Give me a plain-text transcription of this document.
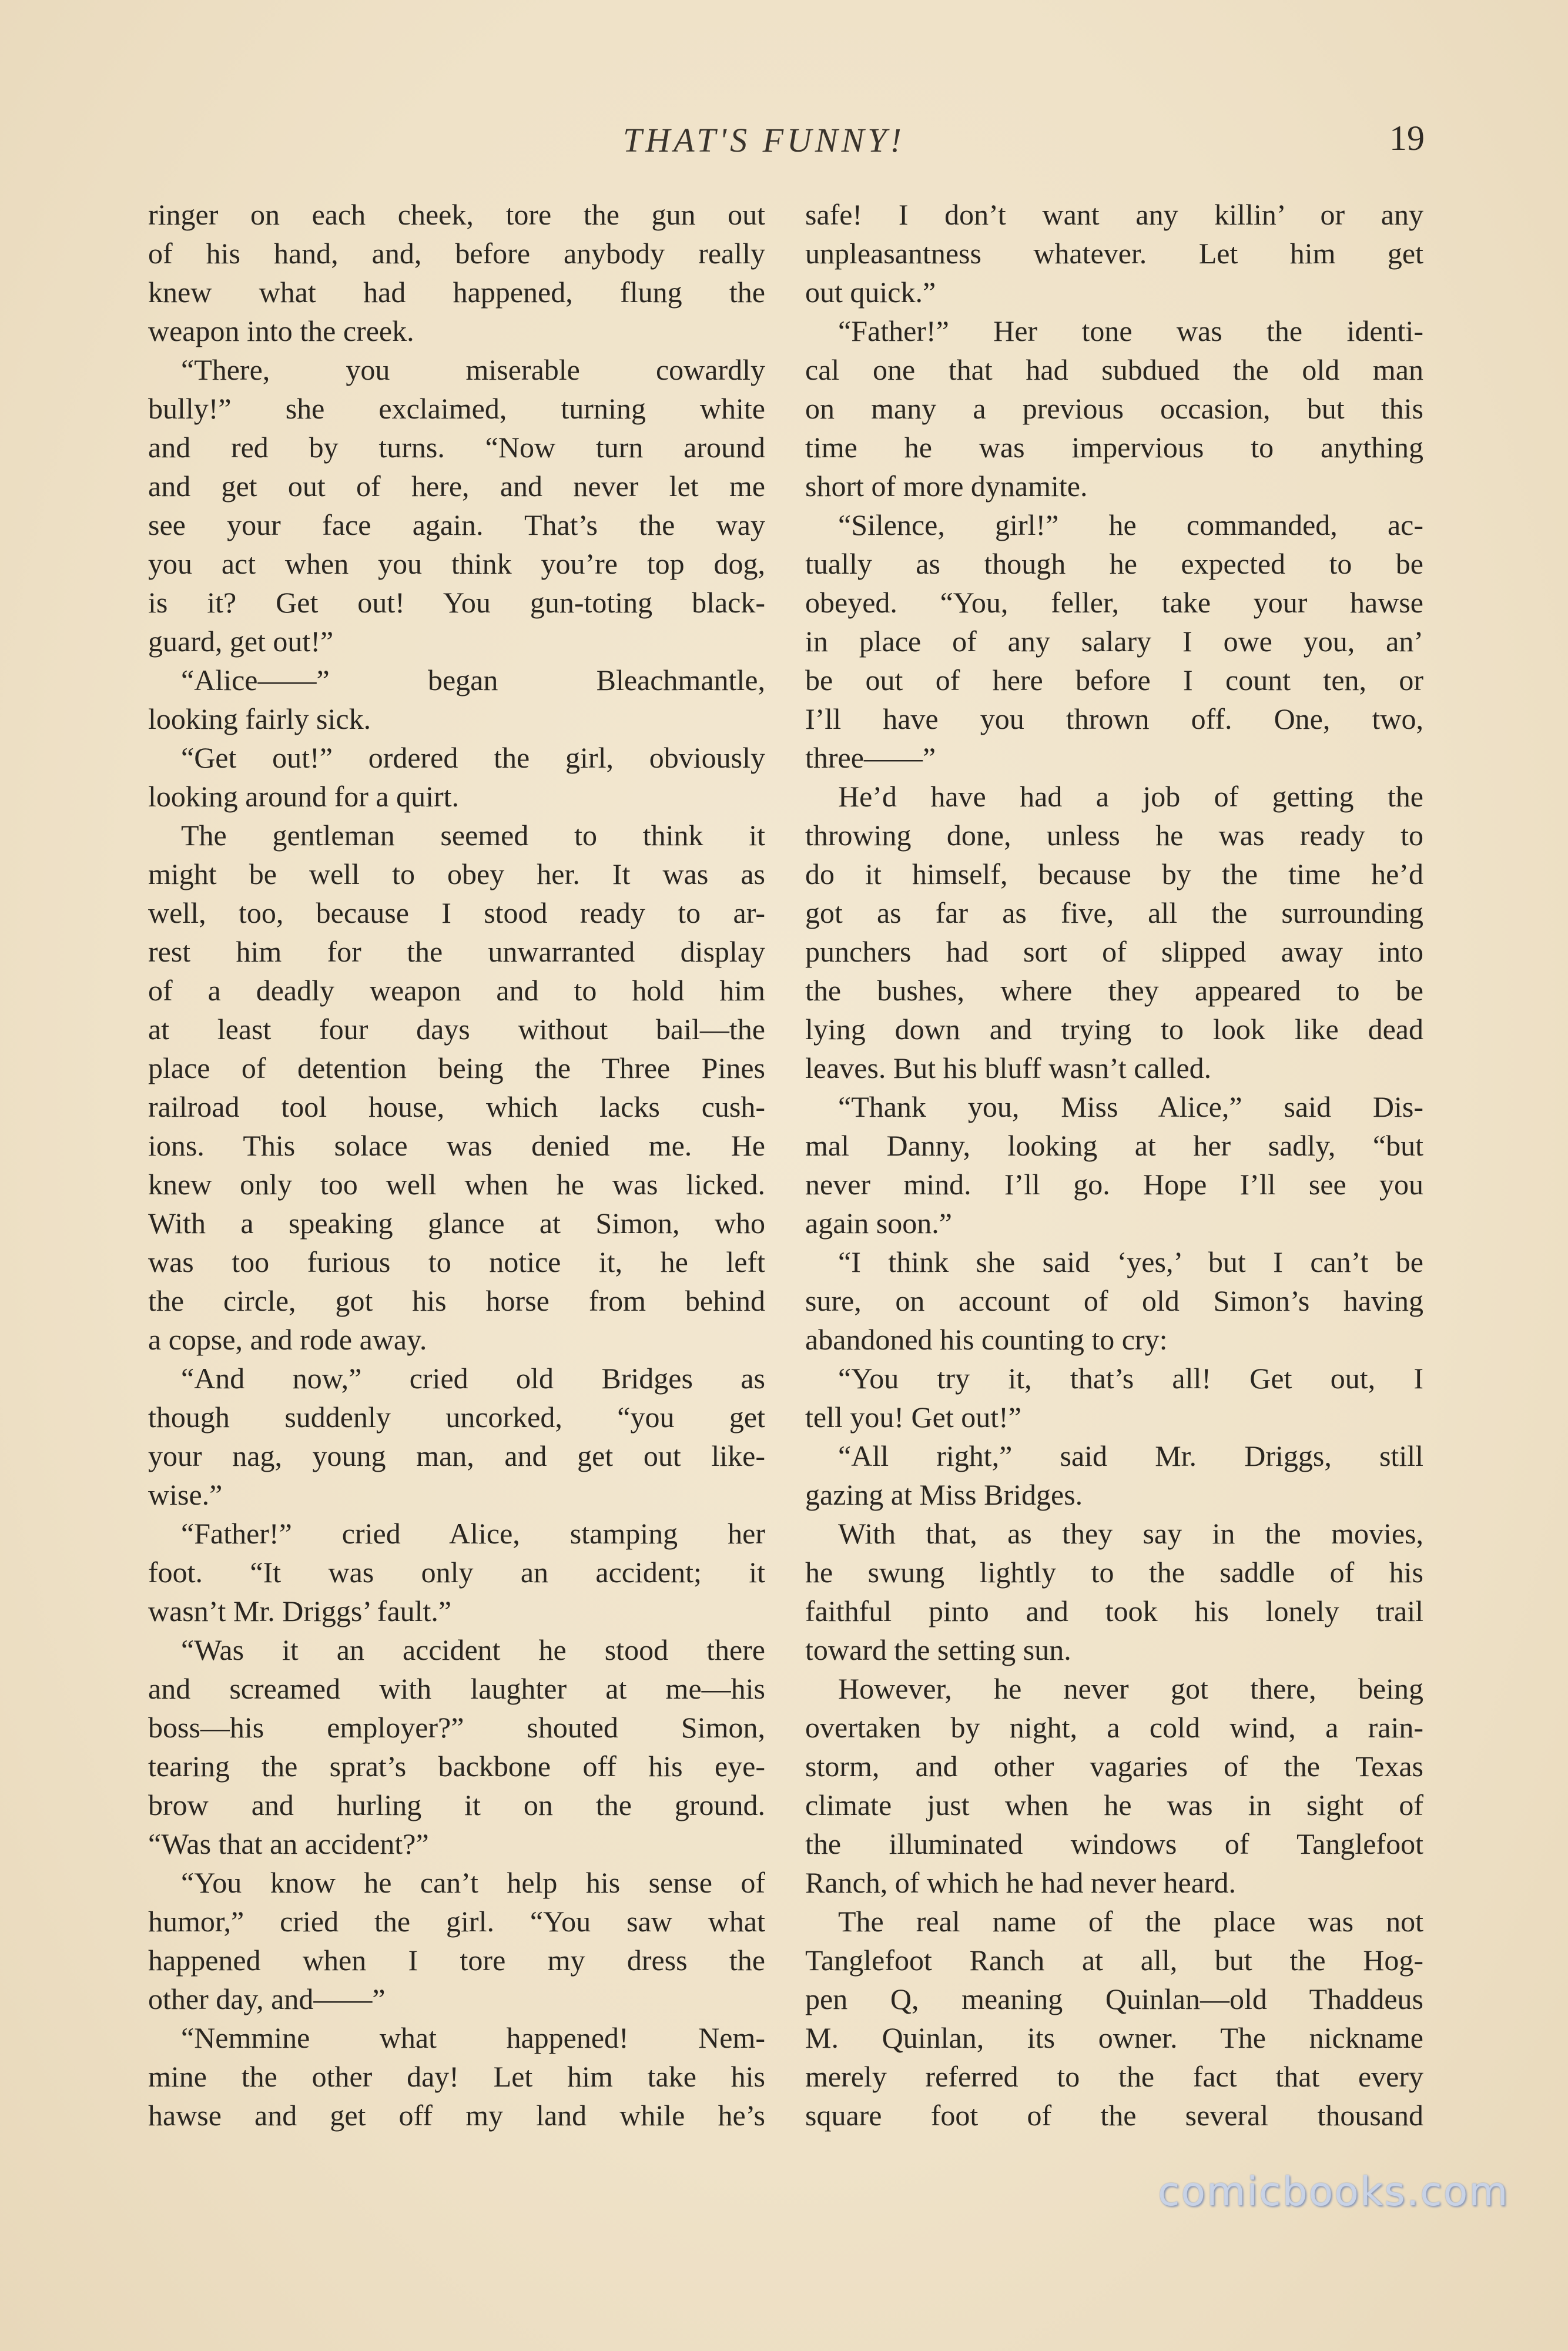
THAT'S FUNNY!	19
ringer on each cheek, tore the gun out
of his hand, and, before anybody really
knew what had happened, flung the
weapon into the creek.
“There, you miserable cowardly
bully!” she exclaimed, turning white
and red by turns. “Now turn around
and get out of here, and never let me
see your face again. That’s the way
you act when you think you’re top dog,
is it? Get out! You gun-toting black-
guard, get out!”
“Alice——” began Bleachmantle,
looking fairly sick.
“Get out!” ordered the girl, obviously
looking around for a quirt.
The gentleman seemed to think it
might be well to obey her. It was as
well, too, because I stood ready to ar-
rest him for the unwarranted display
of a deadly weapon and to hold him
at least four days without bail—the
place of detention being the Three Pines
railroad tool house, which lacks cush-
ions. This solace was denied me. He
knew only too well when he was licked.
With a speaking glance at Simon, who
was too furious to notice it, he left
the circle, got his horse from behind
a copse, and rode away.
“And now,” cried old Bridges as
though suddenly uncorked, “you get
your nag, young man, and get out like-
wise.”
“Father!” cried Alice, stamping her
foot. “It was only an accident; it
wasn’t Mr. Driggs’ fault.”
“Was it an accident he stood there
and screamed with laughter at me—his
boss—his employer?” shouted Simon,
tearing the sprat’s backbone off his eye-
brow and hurling it on the ground.
“Was that an accident?”
“You know he can’t help his sense of
humor,” cried the girl. “You saw what
happened when I tore my dress the
other day, and——”
“Nemmine what happened! Nem-
mine the other day! Let him take his
hawse and get off my land while he’s
safe! I don’t want any killin’ or any
unpleasantness whatever. Let him get
out quick.”
“Father!” Her tone was the identi-
cal one that had subdued the old man
on many a previous occasion, but this
time he was impervious to anything
short of more dynamite.
“Silence, girl!” he commanded, ac-
tually as though he expected to be
obeyed. “You, feller, take your hawse
in place of any salary I owe you, an’
be out of here before I count ten, or
I’ll have you thrown off. One, two,
three——”
He’d have had a job of getting the
throwing done, unless he was ready to
do it himself, because by the time he’d
got as far as five, all the surrounding
punchers had sort of slipped away into
the bushes, where they appeared to be
lying down and trying to look like dead
leaves. But his bluff wasn’t called.
“Thank you, Miss Alice,” said Dis-
mal Danny, looking at her sadly, “but
never mind. I’ll go. Hope I’ll see you
again soon.”
“I think she said ‘yes,’ but I can’t be
sure, on account of old Simon’s having
abandoned his counting to cry:
“You try it, that’s all! Get out, I
tell you! Get out!”
“All right,” said Mr. Driggs, still
gazing at Miss Bridges.
With that, as they say in the movies,
he swung lightly to the saddle of his
faithful pinto and took his lonely trail
toward the setting sun.
However, he never got there, being
overtaken by night, a cold wind, a rain-
storm, and other vagaries of the Texas
climate just when he was in sight of
the illuminated windows of Tanglefoot
Ranch, of which he had never heard.
The real name of the place was not
Tanglefoot Ranch at all, but the Hog-
pen Q, meaning Quinlan—old Thaddeus
M. Quinlan, its owner. The nickname
merely referred to the fact that every
square foot of the several thousand
comicbooks.com
